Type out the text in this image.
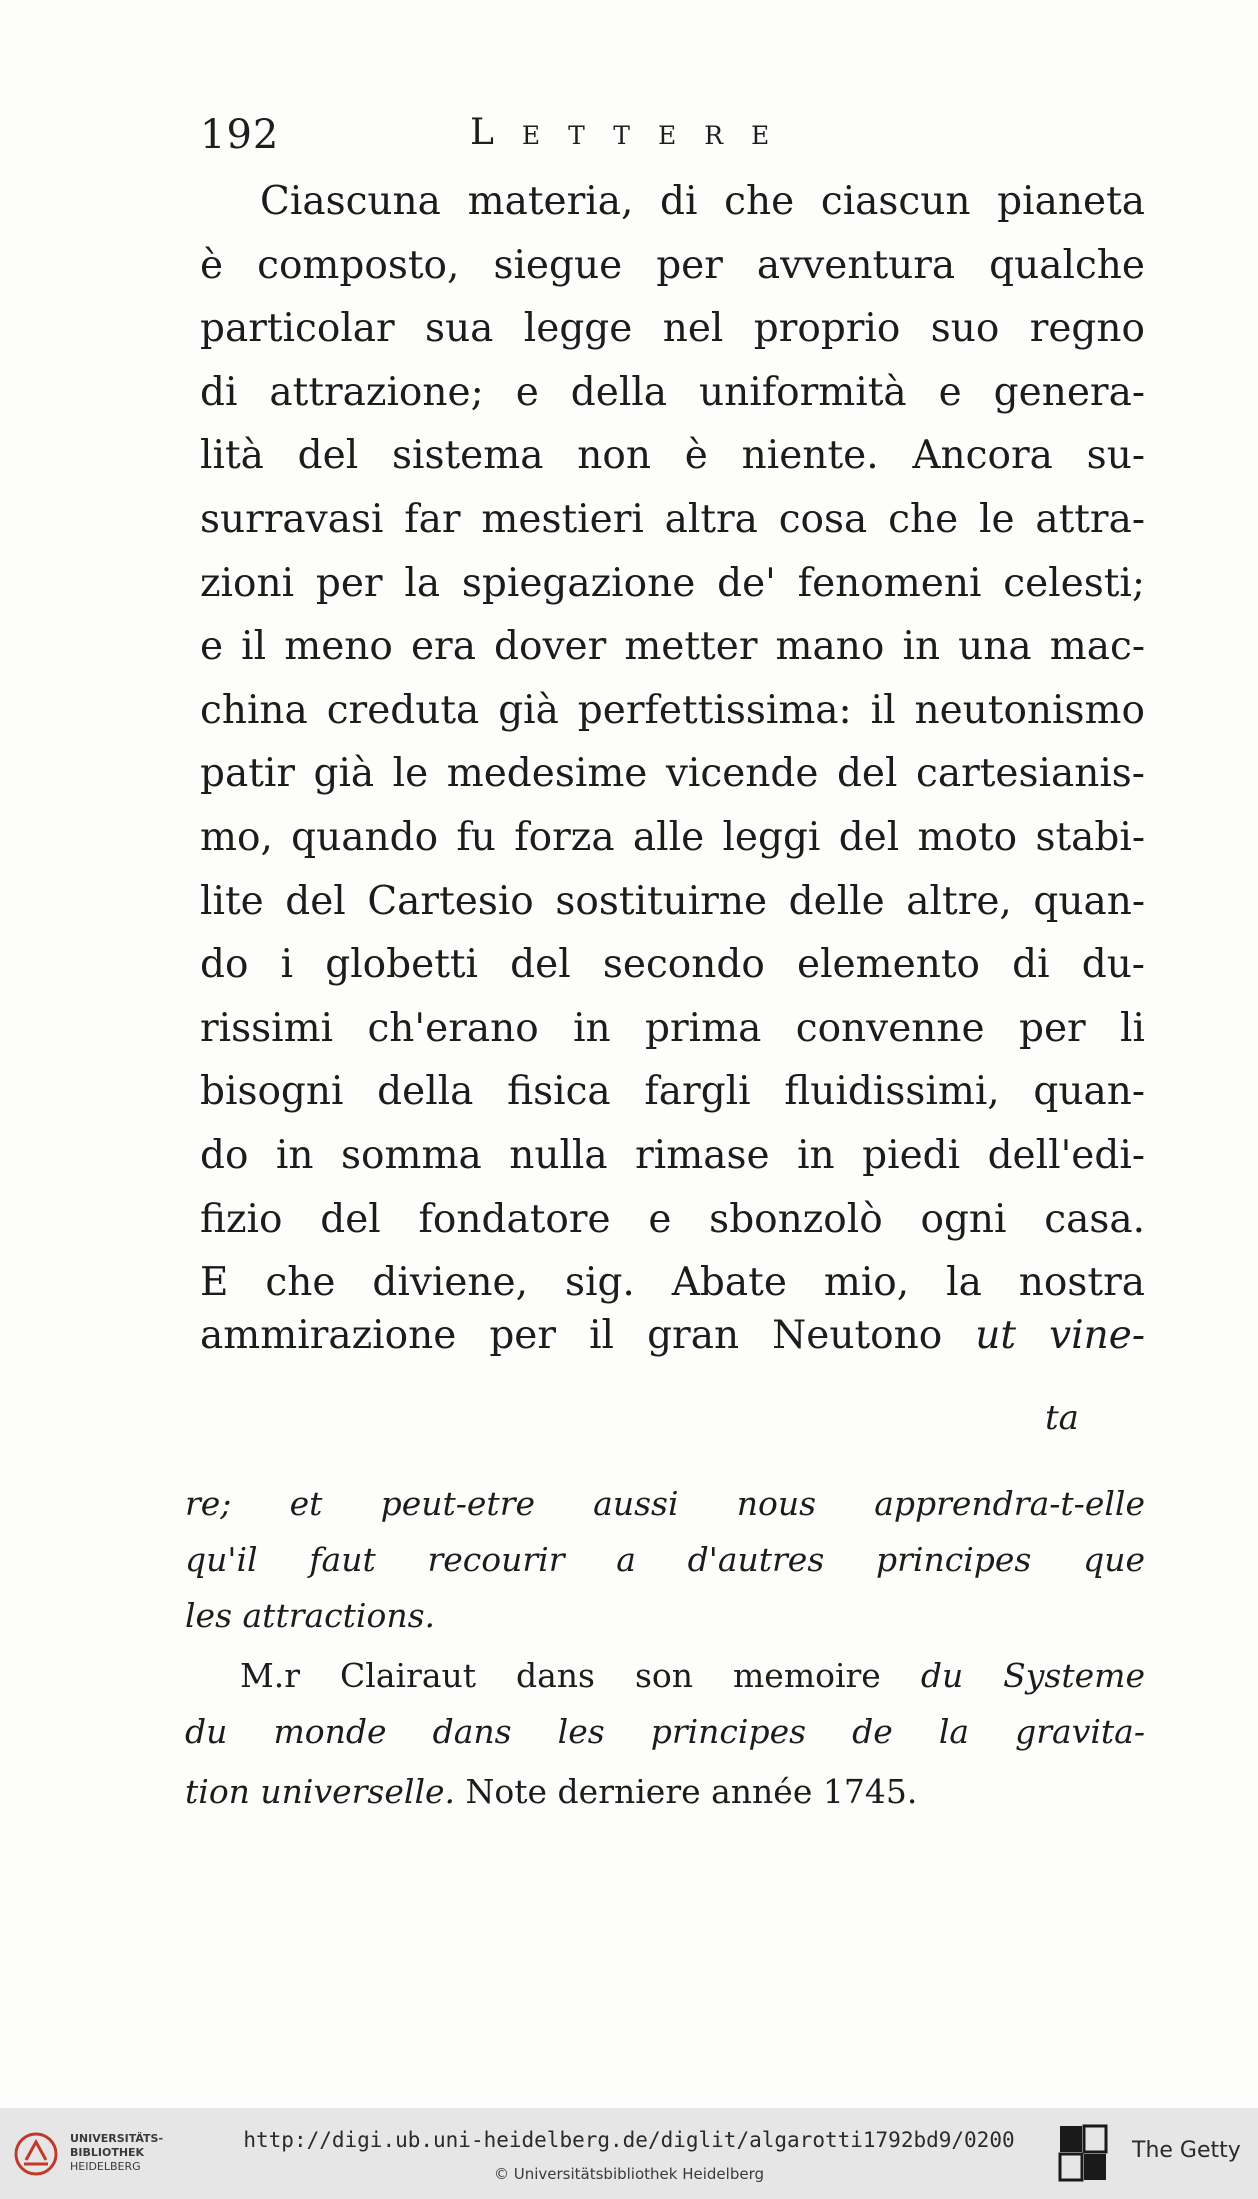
192	Lettere
Ciascuna materia, di che ciascun pianeta
è composto, siegue per avventura qualche
particolar sua legge nel proprio suo regno
di attrazione; e della uniformità e genera-
lità del sistema non è niente. Ancora su-
surravasi far mestieri altra cosa che le attra-
zioni per la spiegazione de' fenomeni celesti;
e il meno era dover metter mano in una mac-
china creduta già perfettissima: il neutonismo
patir già le medesime vicende del cartesianis-
mo, quando fu forza alle leggi del moto stabi-
lite del Cartesio sostituirne delle altre, quan-
do i globetti del secondo elemento di du-
rissimi ch'erano in prima convenne per li
bisogni della fisica fargli fluidissimi, quan-
do in somma nulla rimase in piedi dell'edi-
fizio del fondatore e sbonzolò ogni casa.
E che diviene, sig. Abate mio, la nostra
ammirazione per il gran Neutono ut vine-
ta
re; et peut-etre aussi nous apprendra-t-elle
qu'il faut recourir a d'autres principes que
les attractions.
M.r Clairaut dans son memoire du Systeme
du monde dans les principes de la gravita-
tion universelle. Note derniere année 1745.
UNIVERSITÄTS-
BIBLIOTHEK
HEIDELBERG
http://digi.ub.uni-heidelberg.de/diglit/algarotti1792bd9/0200
© Universitätsbibliothek Heidelberg
The Getty
